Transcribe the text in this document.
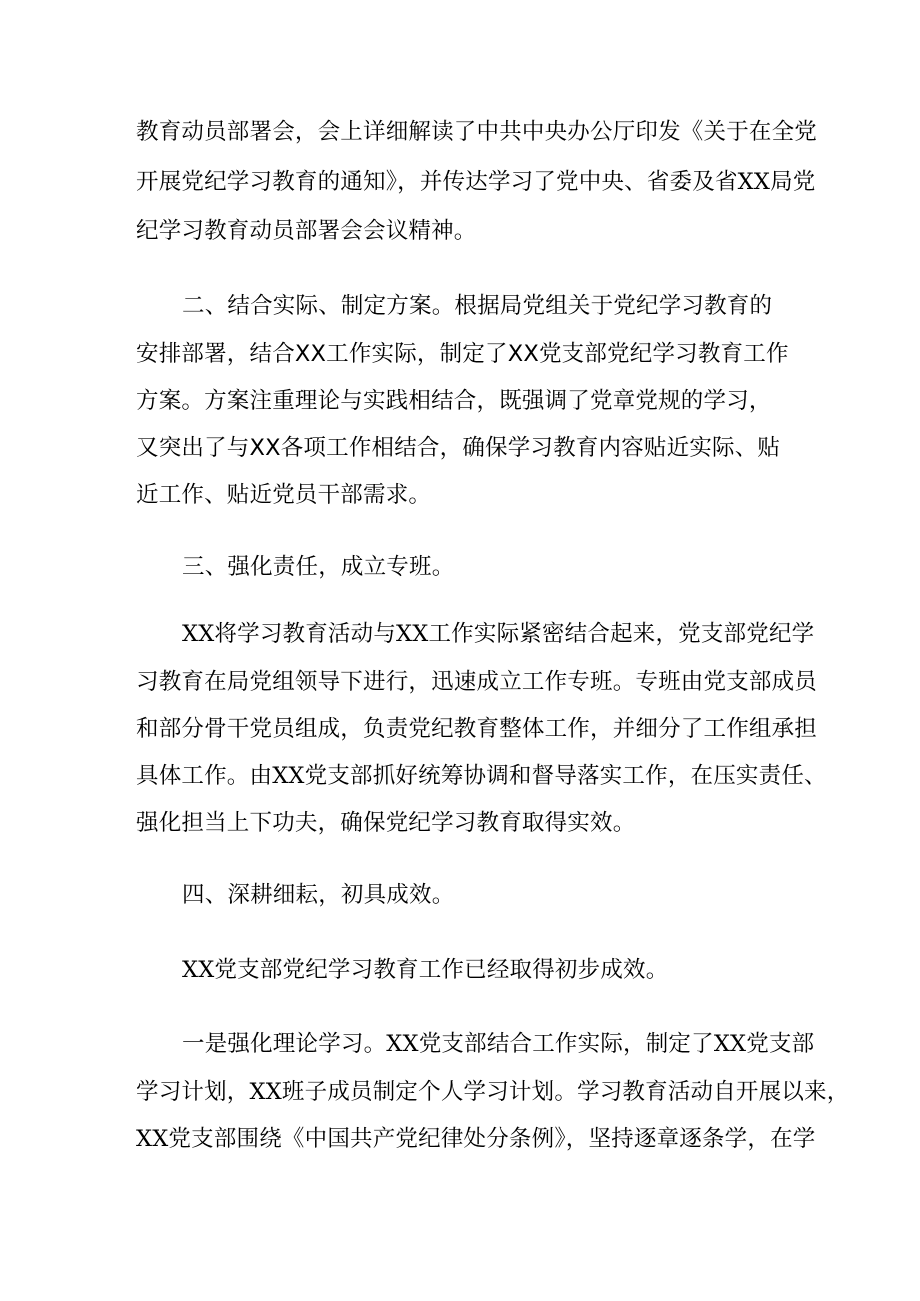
教育动员部署会，会上详细解读了中共中央办公厅印发《关于在全党
开展党纪学习教育的通知》，并传达学习了党中央、省委及省XX局党
纪学习教育动员部署会会议精神。
二、结合实际、制定方案。根据局党组关于党纪学习教育的
安排部署，结合XX工作实际，制定了XX党支部党纪学习教育工作
方案。方案注重理论与实践相结合，既强调了党章党规的学习，
又突出了与XX各项工作相结合，确保学习教育内容贴近实际、贴
近工作、贴近党员干部需求。
三、强化责任，成立专班。
XX将学习教育活动与XX工作实际紧密结合起来，党支部党纪学
习教育在局党组领导下进行，迅速成立工作专班。专班由党支部成员
和部分骨干党员组成，负责党纪教育整体工作，并细分了工作组承担
具体工作。由XX党支部抓好统筹协调和督导落实工作，在压实责任、
强化担当上下功夫，确保党纪学习教育取得实效。
四、深耕细耘，初具成效。
XX党支部党纪学习教育工作已经取得初步成效。
一是强化理论学习。XX党支部结合工作实际，制定了XX党支部
学习计划，XX班子成员制定个人学习计划。学习教育活动自开展以来，
XX党支部围绕《中国共产党纪律处分条例》，坚持逐章逐条学，在学
